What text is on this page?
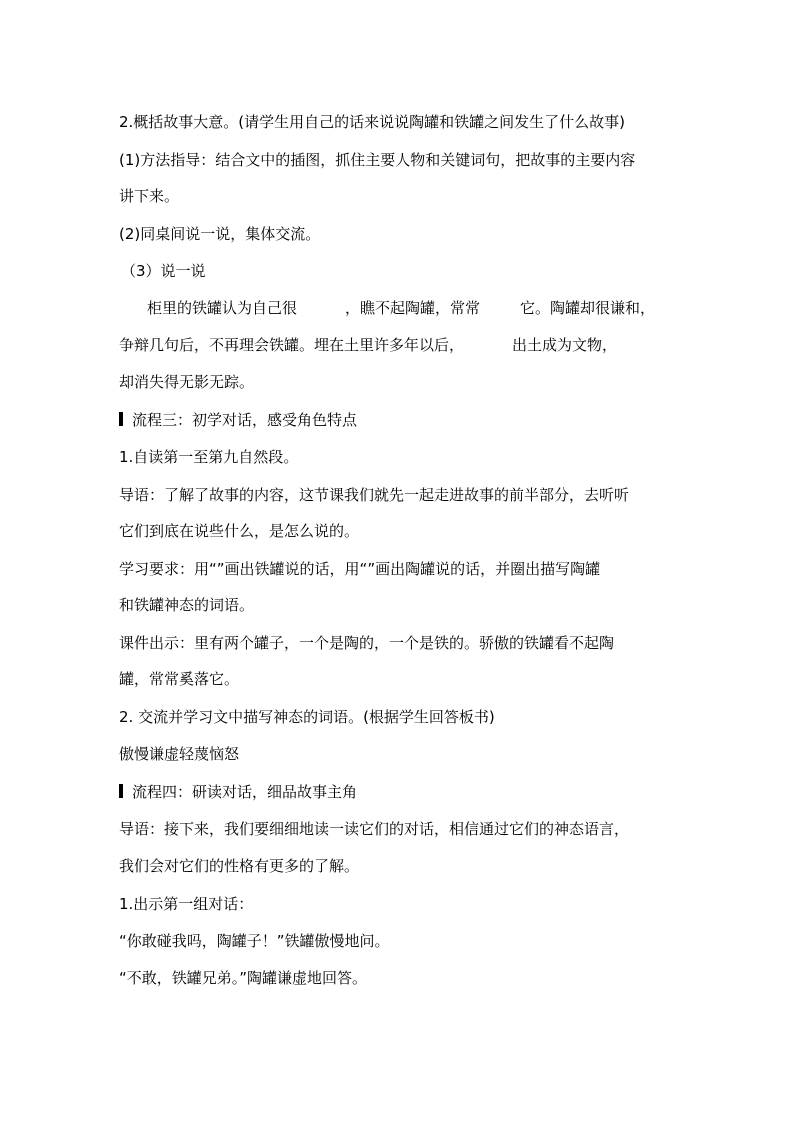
2.概括故事大意。(请学生用自己的话来说说陶罐和铁罐之间发生了什么故事)
(1)方法指导：结合文中的插图，抓住主要人物和关键词句，把故事的主要内容
讲下来。
(2)同桌间说一说，集体交流。
（3）说一说
柜里的铁罐认为自己很	，瞧不起陶罐，常常	它。陶罐却很谦和，
争辩几句后，不再理会铁罐。埋在土里许多年以后，	出土成为文物，
却消失得无影无踪。
流程三：初学对话，感受角色特点
1.自读第一至第九自然段。
导语：了解了故事的内容，这节课我们就先一起走进故事的前半部分，去听听
它们到底在说些什么，是怎么说的。
学习要求：用“”画出铁罐说的话，用“”画出陶罐说的话，并圈出描写陶罐
和铁罐神态的词语。
课件出示：里有两个罐子，一个是陶的，一个是铁的。骄傲的铁罐看不起陶
罐，常常奚落它。
2. 交流并学习文中描写神态的词语。(根据学生回答板书)
傲慢谦虚轻蔑恼怒
流程四：研读对话，细品故事主角
导语：接下来，我们要细细地读一读它们的对话，相信通过它们的神态语言，
我们会对它们的性格有更多的了解。
1.出示第一组对话：
“你敢碰我吗，陶罐子！”铁罐傲慢地问。
“不敢，铁罐兄弟。”陶罐谦虚地回答。
